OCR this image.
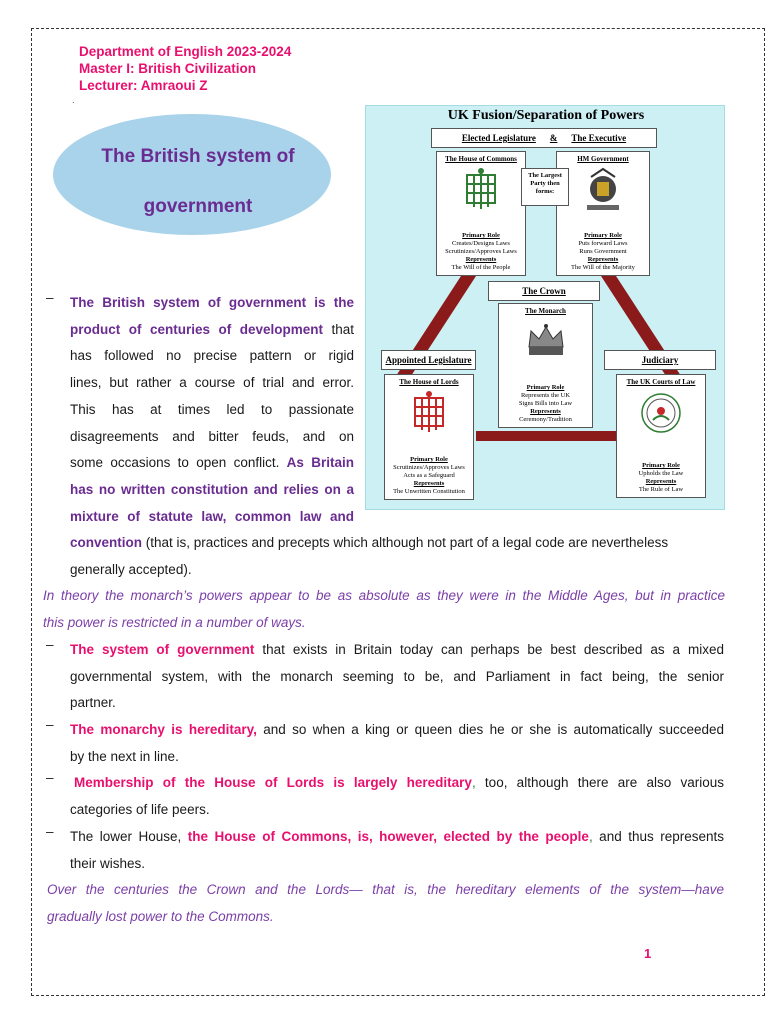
Department of English 2023-2024
Master I: British Civilization
Lecturer: Amraoui Z
.
The British system of
government
UK Fusion/Separation of Powers
Elected Legislature & The Executive
The House of Commons
Primary Role
Creates/Designs Laws
Scrutinizes/Approves Laws
Represents
The Will of the People
The Largest Party then forms:
HM Government
Primary Role
Puts forward Laws
Runs Government
Represents
The Will of the Majority
The Crown
The Monarch
Primary Role
Represents the UK
Signs Bills into Law
Represents
Ceremony/Tradition
Appointed Legislature
The House of Lords
Primary Role
Scrutinizes/Approves Laws
Acts as a Safeguard
Represents
The Unwritten Constitution
Judiciary
The UK Courts of Law
Primary Role
Upholds the Law
Represents
The Rule of Law
– The British system of government is the
product of centuries of development that
has followed no precise pattern or rigid
lines, but rather a course of trial and error.
This has at times led to passionate
disagreements and bitter feuds, and on
some occasions to open conflict. As Britain
has no written constitution and relies on a
mixture of statute law, common law and
convention (that is, practices and precepts which although not part of a legal code are nevertheless
generally accepted).
In theory the monarch’s powers appear to be as absolute as they were in the Middle Ages, but in practice
this power is restricted in a number of ways.
– The system of government that exists in Britain today can perhaps be best described as a mixed
governmental system, with the monarch seeming to be, and Parliament in fact being, the senior
partner.
– The monarchy is hereditary, and so when a king or queen dies he or she is automatically succeeded
by the next in line.
– Membership of the House of Lords is largely hereditary, too, although there are also various
categories of life peers.
– The lower House, the House of Commons, is, however, elected by the people, and thus represents
their wishes.
Over the centuries the Crown and the Lords— that is, the hereditary elements of the system—have
gradually lost power to the Commons.
1
